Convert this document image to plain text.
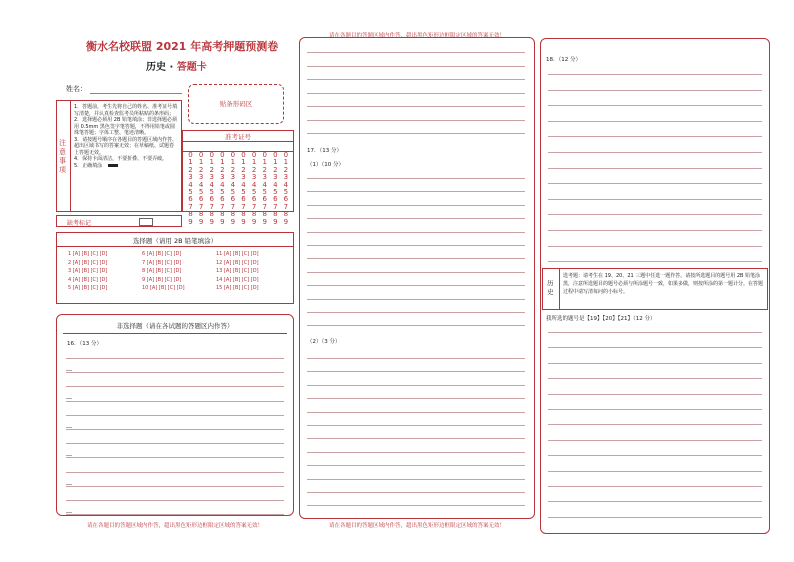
衡水名校联盟 2021 年高考押题预测卷
历史 · 答题卡
姓名：
贴条形码区
注意事项
1．答题前，考生先将自己的姓名、准考证号填写清楚，并认真检查监考员所粘贴的条形码；
2．选择题必须用 2B 铅笔填涂；非选择题必须用 0.5mm 黑色签字笔答题，不得用铅笔或圆珠笔答题；字体工整、笔迹清晰。
3．请按题号顺序在各题目的答题区域内作答，超出区域书写的答案无效；在草稿纸、试题卷上答题无效。
4．保持卡面清洁，不要折叠、不要弄破。
5．正确填涂
准考证号
0
1
2
3
4
5
6
7
8
9
0
1
2
3
4
5
6
7
8
9
0
1
2
3
4
5
6
7
8
9
0
1
2
3
4
5
6
7
8
9
0
1
2
3
4
5
6
7
8
9
0
1
2
3
4
5
6
7
8
9
0
1
2
3
4
5
6
7
8
9
0
1
2
3
4
5
6
7
8
9
0
1
2
3
4
5
6
7
8
9
0
1
2
3
4
5
6
7
8
9
缺考标记
选择题（请用 2B 铅笔填涂）
1 [A] [B] [C] [D]
2 [A] [B] [C] [D]
3 [A] [B] [C] [D]
4 [A] [B] [C] [D]
5 [A] [B] [C] [D]
6 [A] [B] [C] [D]
7 [A] [B] [C] [D]
8 [A] [B] [C] [D]
9 [A] [B] [C] [D]
10 [A] [B] [C] [D]
11 [A] [B] [C] [D]
12 [A] [B] [C] [D]
13 [A] [B] [C] [D]
14 [A] [B] [C] [D]
15 [A] [B] [C] [D]
非选择题（请在各试题的答题区内作答）
16．（13 分）
__
__
__
__
__
__
请在各题目的答题区域内作答，超出黑色矩形边框限定区域的答案无效！
请在各题目的答题区域内作答，超出黑色矩形边框限定区域的答案无效！
17．（13 分）
（1）（10 分）
（2）（3 分）
请在各题目的答题区域内作答，超出黑色矩形边框限定区域的答案无效！
18．（12 分）
历史
选考题：请考生在 19、20、21 三题中任选一题作答。请按所选题目的题号用 2B 铅笔涂黑，注意所选题目的题号必须与所涂题号一致，如果多做，则按所涂的第一题计分。在答题过程中请写清每问的小标号。
我所选的题号是【19】【20】【21】（12 分）
